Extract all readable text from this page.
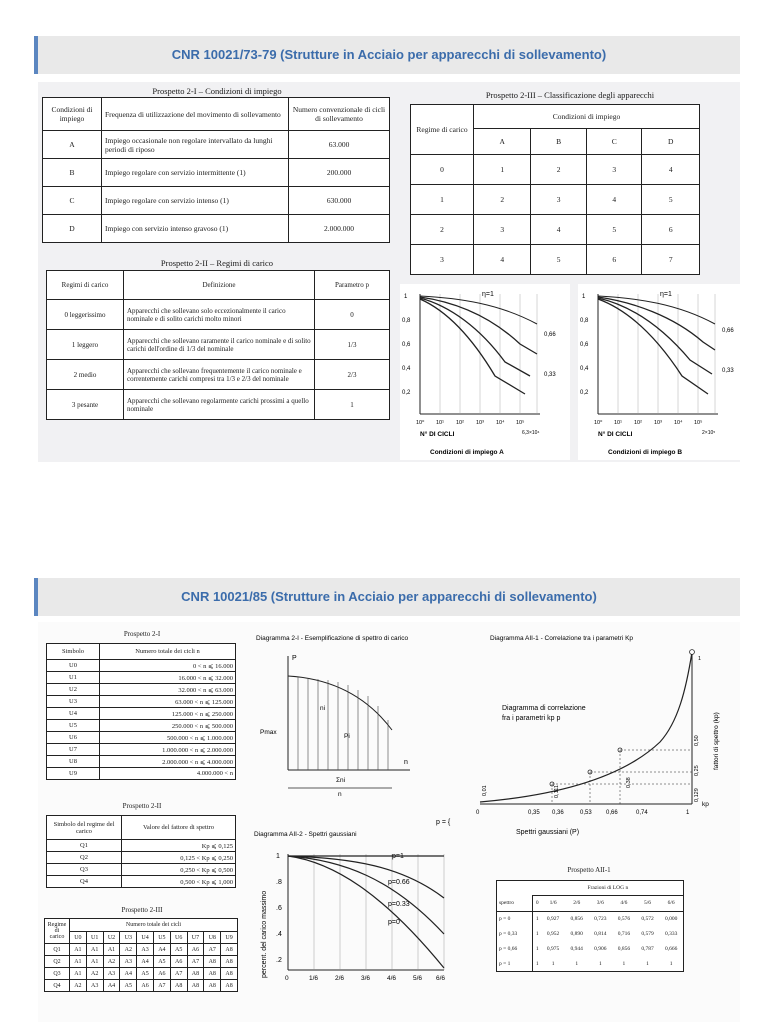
CNR 10021/73-79 (Strutture in Acciaio per apparecchi di sollevamento)
Prospetto 2-I – Condizioni di impiego
Condizioni di impiego	Frequenza di utilizzazione del movimento di sollevamento	Numero convenzionale di cicli di sollevamento
A	Impiego occasionale non regolare intervallato da lunghi periodi di riposo	63.000
B	Impiego regolare con servizio intermittente (1)	200.000
C	Impiego regolare con servizio intenso (1)	630.000
D	Impiego con servizio intenso gravoso (1)	2.000.000
Prospetto 2-II – Regimi di carico
Regimi di carico	Definizione	Parametro p
0 leggerissimo	Apparecchi che sollevano solo eccezionalmente il carico nominale e di solito carichi molto minori	0
1 leggero	Apparecchi che sollevano raramente il carico nominale e di solito carichi dell'ordine di 1/3 del nominale	1/3
2 medio	Apparecchi che sollevano frequentemente il carico nominale e correntemente carichi compresi tra 1/3 e 2/3 del nominale	2/3
3 pesante	Apparecchi che sollevano regolarmente carichi prossimi a quello nominale	1
Prospetto 2-III – Classificazione degli apparecchi
Regime di carico	Condizioni di impiego			
	A	B	C	D
0	1	2	3	4
1	2	3	4	5
2	3	4	5	6
3	4	5	6	7
1
0,8
0,6
0,4
0,2
η=1
0,66
0,33
10⁰ 10¹ 10² 10³ 10⁴ 10⁵
6,3×10⁴
N° DI CICLI
Condizioni di impiego A
1
0,8
0,6
0,4
0,2
η=1
0,66
0,33
10⁰ 10¹ 10² 10³ 10⁴ 10⁵
2×10⁵
N° DI CICLI
Condizioni di impiego B
CNR 10021/85 (Strutture in Acciaio per apparecchi di sollevamento)
Prospetto 2-I
Simbolo	Numero totale dei cicli n
U0	0 < n ⩽ 16.000
U1	16.000 < n ⩽ 32.000
U2	32.000 < n ⩽ 63.000
U3	63.000 < n ⩽ 125.000
U4	125.000 < n ⩽ 250.000
U5	250.000 < n ⩽ 500.000
U6	500.000 < n ⩽ 1.000.000
U7	1.000.000 < n ⩽ 2.000.000
U8	2.000.000 < n ⩽ 4.000.000
U9	4.000.000 < n
Prospetto 2-II
Simbolo del regime del carico	Valore del fattore di spettro
Q1	Kp ⩽ 0,125
Q2	0,125 < Kp ⩽ 0,250
Q3	0,250 < Kp ⩽ 0,500
Q4	0,500 < Kp ⩽ 1,000
Prospetto 2-III
Regime di carico	Numero totale dei cicli									
	U0	U1	U2	U3	U4	U5	U6	U7	U8	U9
Q1	A1	A1	A1	A2	A3	A4	A5	A6	A7	A8
Q2	A1	A1	A2	A3	A4	A5	A6	A7	A8	A8
Q3	A1	A2	A3	A4	A5	A6	A7	A8	A8	A8
Q4	A2	A3	A4	A5	A6	A7	A8	A8	A8	A8
Diagramma 2-I - Esemplificazione di spettro di carico
P
n
Pmax
Pi
ni
Σni
n
Diagramma AII-1 - Correlazione tra i parametri Kp
Diagramma di correlazione
fra i parametri kp p
p = {
0	0,35 0,36	0,53 0,66	0,74	1
Spettri gaussiani (P)
kp
fattori di spettro (kp)
0,01	0,111
0,38
0,129
0,25
0,50
1
Diagramma AII-2 - Spettri gaussiani
percent. del carico massimo
1
.8
.6
.4
.2
p=1
p=0.66
p=0.33
p=0
0	1/6	2/6	3/6	4/6	5/6 6/6
Prospetto AII-1
	Frazioni di LOG n						
spettro	0	1/6	2/6	3/6	4/6	5/6	6/6
p = 0	1	0,927	0,856	0,723	0,576	0,572	0,000
p = 0,33	1	0,952	0,890	0,814	0,716	0,579	0,333
p = 0,66	1	0,975	0,944	0,906	0,856	0,787	0,666
p = 1	1	1	1	1	1	1	1
